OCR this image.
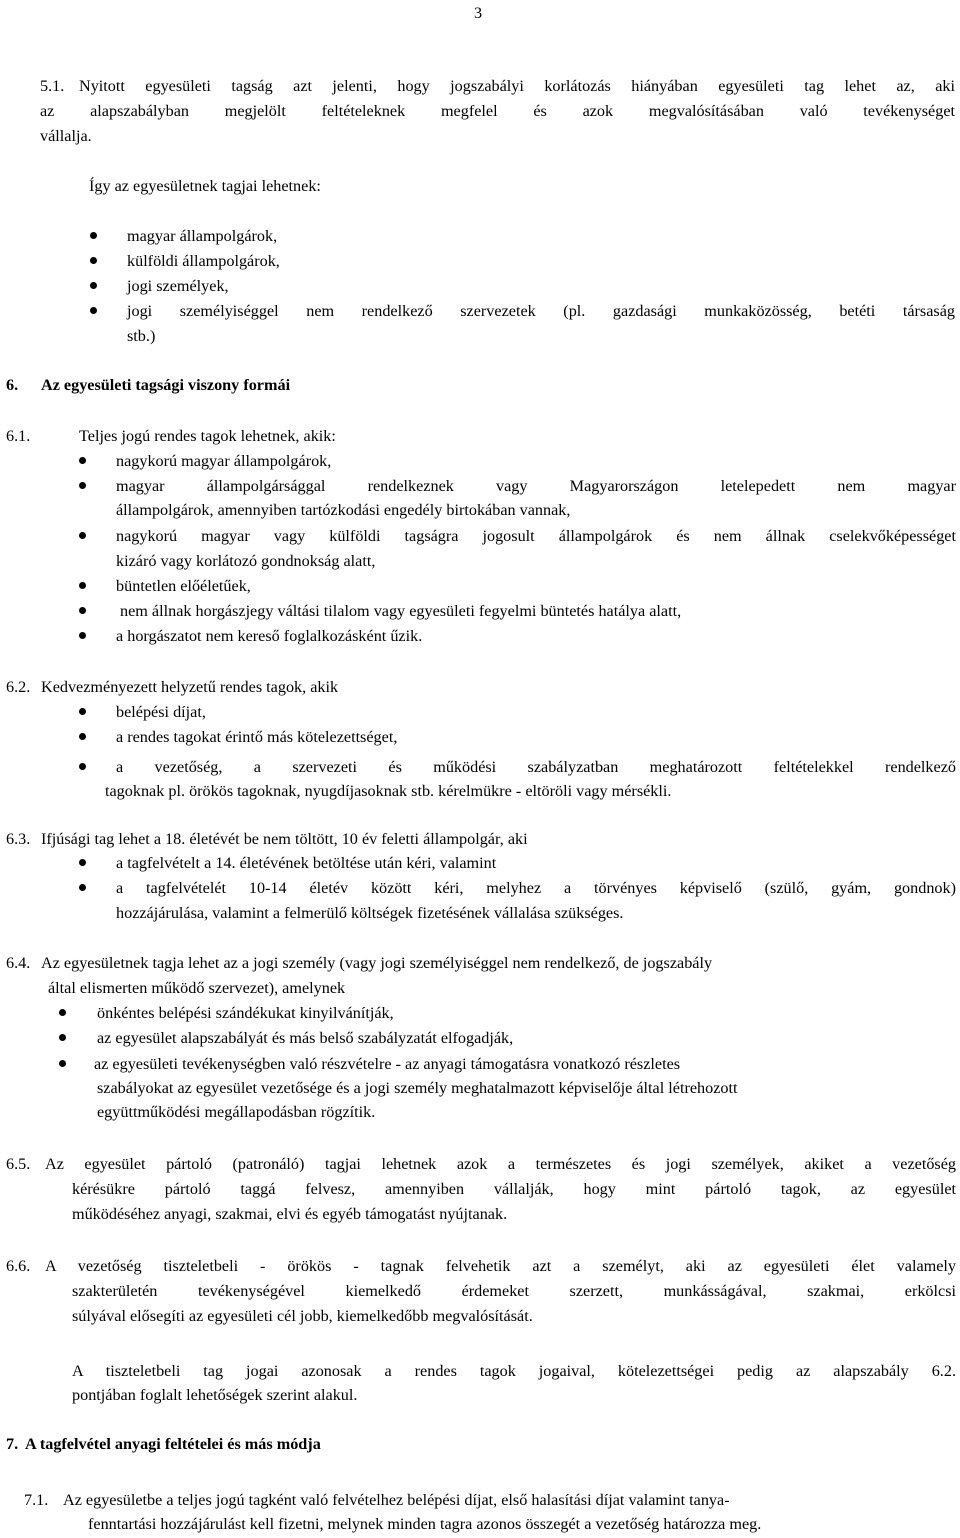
3
5.1. Nyitott egyesületi tagság azt jelenti, hogy jogszabályi korlátozás hiányában egyesületi tag lehet az, aki
az alapszabályban megjelölt feltételeknek megfelel és azok megvalósításában való tevékenységet
vállalja.
Így az egyesületnek tagjai lehetnek:
magyar állampolgárok,
külföldi állampolgárok,
jogi személyek,
jogi személyiséggel nem rendelkező szervezetek (pl. gazdasági munkaközösség, betéti társaság
stb.)
6. Az egyesületi tagsági viszony formái
6.1.	Teljes jogú rendes tagok lehetnek, akik:
nagykorú magyar állampolgárok,
magyar állampolgársággal rendelkeznek vagy Magyarországon letelepedett nem magyar
állampolgárok, amennyiben tartózkodási engedély birtokában vannak,
nagykorú magyar vagy külföldi tagságra jogosult állampolgárok és nem állnak cselekvőképességet
kizáró vagy korlátozó gondnokság alatt,
büntetlen előéletűek,
nem állnak horgászjegy váltási tilalom vagy egyesületi fegyelmi büntetés hatálya alatt,
a horgászatot nem kereső foglalkozásként űzik.
6.2. Kedvezményezett helyzetű rendes tagok, akik
belépési díjat,
a rendes tagokat érintő más kötelezettséget,
a vezetőség, a szervezeti és működési szabályzatban meghatározott feltételekkel rendelkező
tagoknak pl. örökös tagoknak, nyugdíjasoknak stb. kérelmükre - eltöröli vagy mérsékli.
6.3. Ifjúsági tag lehet a 18. életévét be nem töltött, 10 év feletti állampolgár, aki
a tagfelvételt a 14. életévének betöltése után kéri, valamint
a tagfelvételét 10-14 életév között kéri, melyhez a törvényes képviselő (szülő, gyám, gondnok)
hozzájárulása, valamint a felmerülő költségek fizetésének vállalása szükséges.
6.4. Az egyesületnek tagja lehet az a jogi személy (vagy jogi személyiséggel nem rendelkező, de jogszabály
által elismerten működő szervezet), amelynek
önkéntes belépési szándékukat kinyilvánítják,
az egyesület alapszabályát és más belső szabályzatát elfogadják,
az egyesületi tevékenységben való részvételre - az anyagi támogatásra vonatkozó részletes
szabályokat az egyesület vezetősége és a jogi személy meghatalmazott képviselője által létrehozott
együttműködési megállapodásban rögzítik.
6.5. Az egyesület pártoló (patronáló) tagjai lehetnek azok a természetes és jogi személyek, akiket a vezetőség
kérésükre pártoló taggá felvesz, amennyiben vállalják, hogy mint pártoló tagok, az egyesület
működéséhez anyagi, szakmai, elvi és egyéb támogatást nyújtanak.
6.6. A vezetőség tiszteletbeli - örökös - tagnak felvehetik azt a személyt, aki az egyesületi élet valamely
szakterületén tevékenységével kiemelkedő érdemeket szerzett, munkásságával, szakmai, erkölcsi
súlyával elősegíti az egyesületi cél jobb, kiemelkedőbb megvalósítását.
A tiszteletbeli tag jogai azonosak a rendes tagok jogaival, kötelezettségei pedig az alapszabály 6.2.
pontjában foglalt lehetőségek szerint alakul.
7. A tagfelvétel anyagi feltételei és más módja
7.1. Az egyesületbe a teljes jogú tagként való felvételhez belépési díjat, első halasítási díjat valamint tanya-
fenntartási hozzájárulást kell fizetni, melynek minden tagra azonos összegét a vezetőség határozza meg.
